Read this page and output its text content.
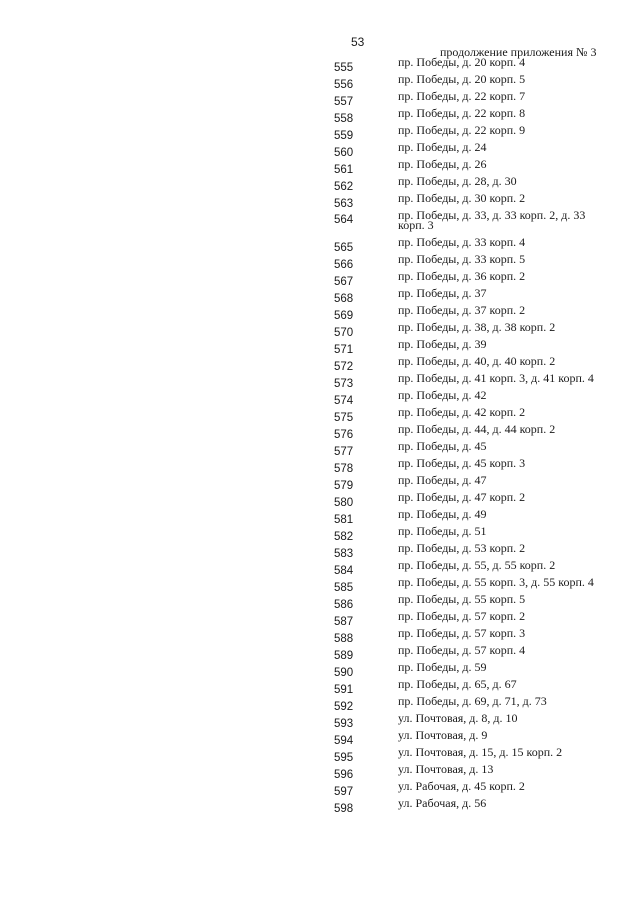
53
продолжение приложения № 3
555	пр. Победы, д. 20 корп. 4
556	пр. Победы, д. 20 корп. 5
557	пр. Победы, д. 22 корп. 7
558	пр. Победы, д. 22 корп. 8
559	пр. Победы, д. 22 корп. 9
560	пр. Победы, д. 24
561	пр. Победы, д. 26
562	пр. Победы, д. 28, д. 30
563	пр. Победы, д. 30 корп. 2
564	пр. Победы, д. 33, д. 33 корп. 2, д. 33 корп. 3
565	пр. Победы, д. 33 корп. 4
566	пр. Победы, д. 33 корп. 5
567	пр. Победы, д. 36 корп. 2
568	пр. Победы, д. 37
569	пр. Победы, д. 37 корп. 2
570	пр. Победы, д. 38, д. 38 корп. 2
571	пр. Победы, д. 39
572	пр. Победы, д. 40, д. 40 корп. 2
573	пр. Победы, д. 41 корп. 3, д. 41 корп. 4
574	пр. Победы, д. 42
575	пр. Победы, д. 42 корп. 2
576	пр. Победы, д. 44, д. 44 корп. 2
577	пр. Победы, д. 45
578	пр. Победы, д. 45 корп. 3
579	пр. Победы, д. 47
580	пр. Победы, д. 47 корп. 2
581	пр. Победы, д. 49
582	пр. Победы, д. 51
583	пр. Победы, д. 53 корп. 2
584	пр. Победы, д. 55, д. 55 корп. 2
585	пр. Победы, д. 55 корп. 3, д. 55 корп. 4
586	пр. Победы, д. 55 корп. 5
587	пр. Победы, д. 57 корп. 2
588	пр. Победы, д. 57 корп. 3
589	пр. Победы, д. 57 корп. 4
590	пр. Победы, д. 59
591	пр. Победы, д. 65, д. 67
592	пр. Победы, д. 69, д. 71, д. 73
593	ул. Почтовая, д. 8, д. 10
594	ул. Почтовая, д. 9
595	ул. Почтовая, д. 15, д. 15 корп. 2
596	ул. Почтовая, д. 13
597	ул. Рабочая, д. 45 корп. 2
598	ул. Рабочая, д. 56
